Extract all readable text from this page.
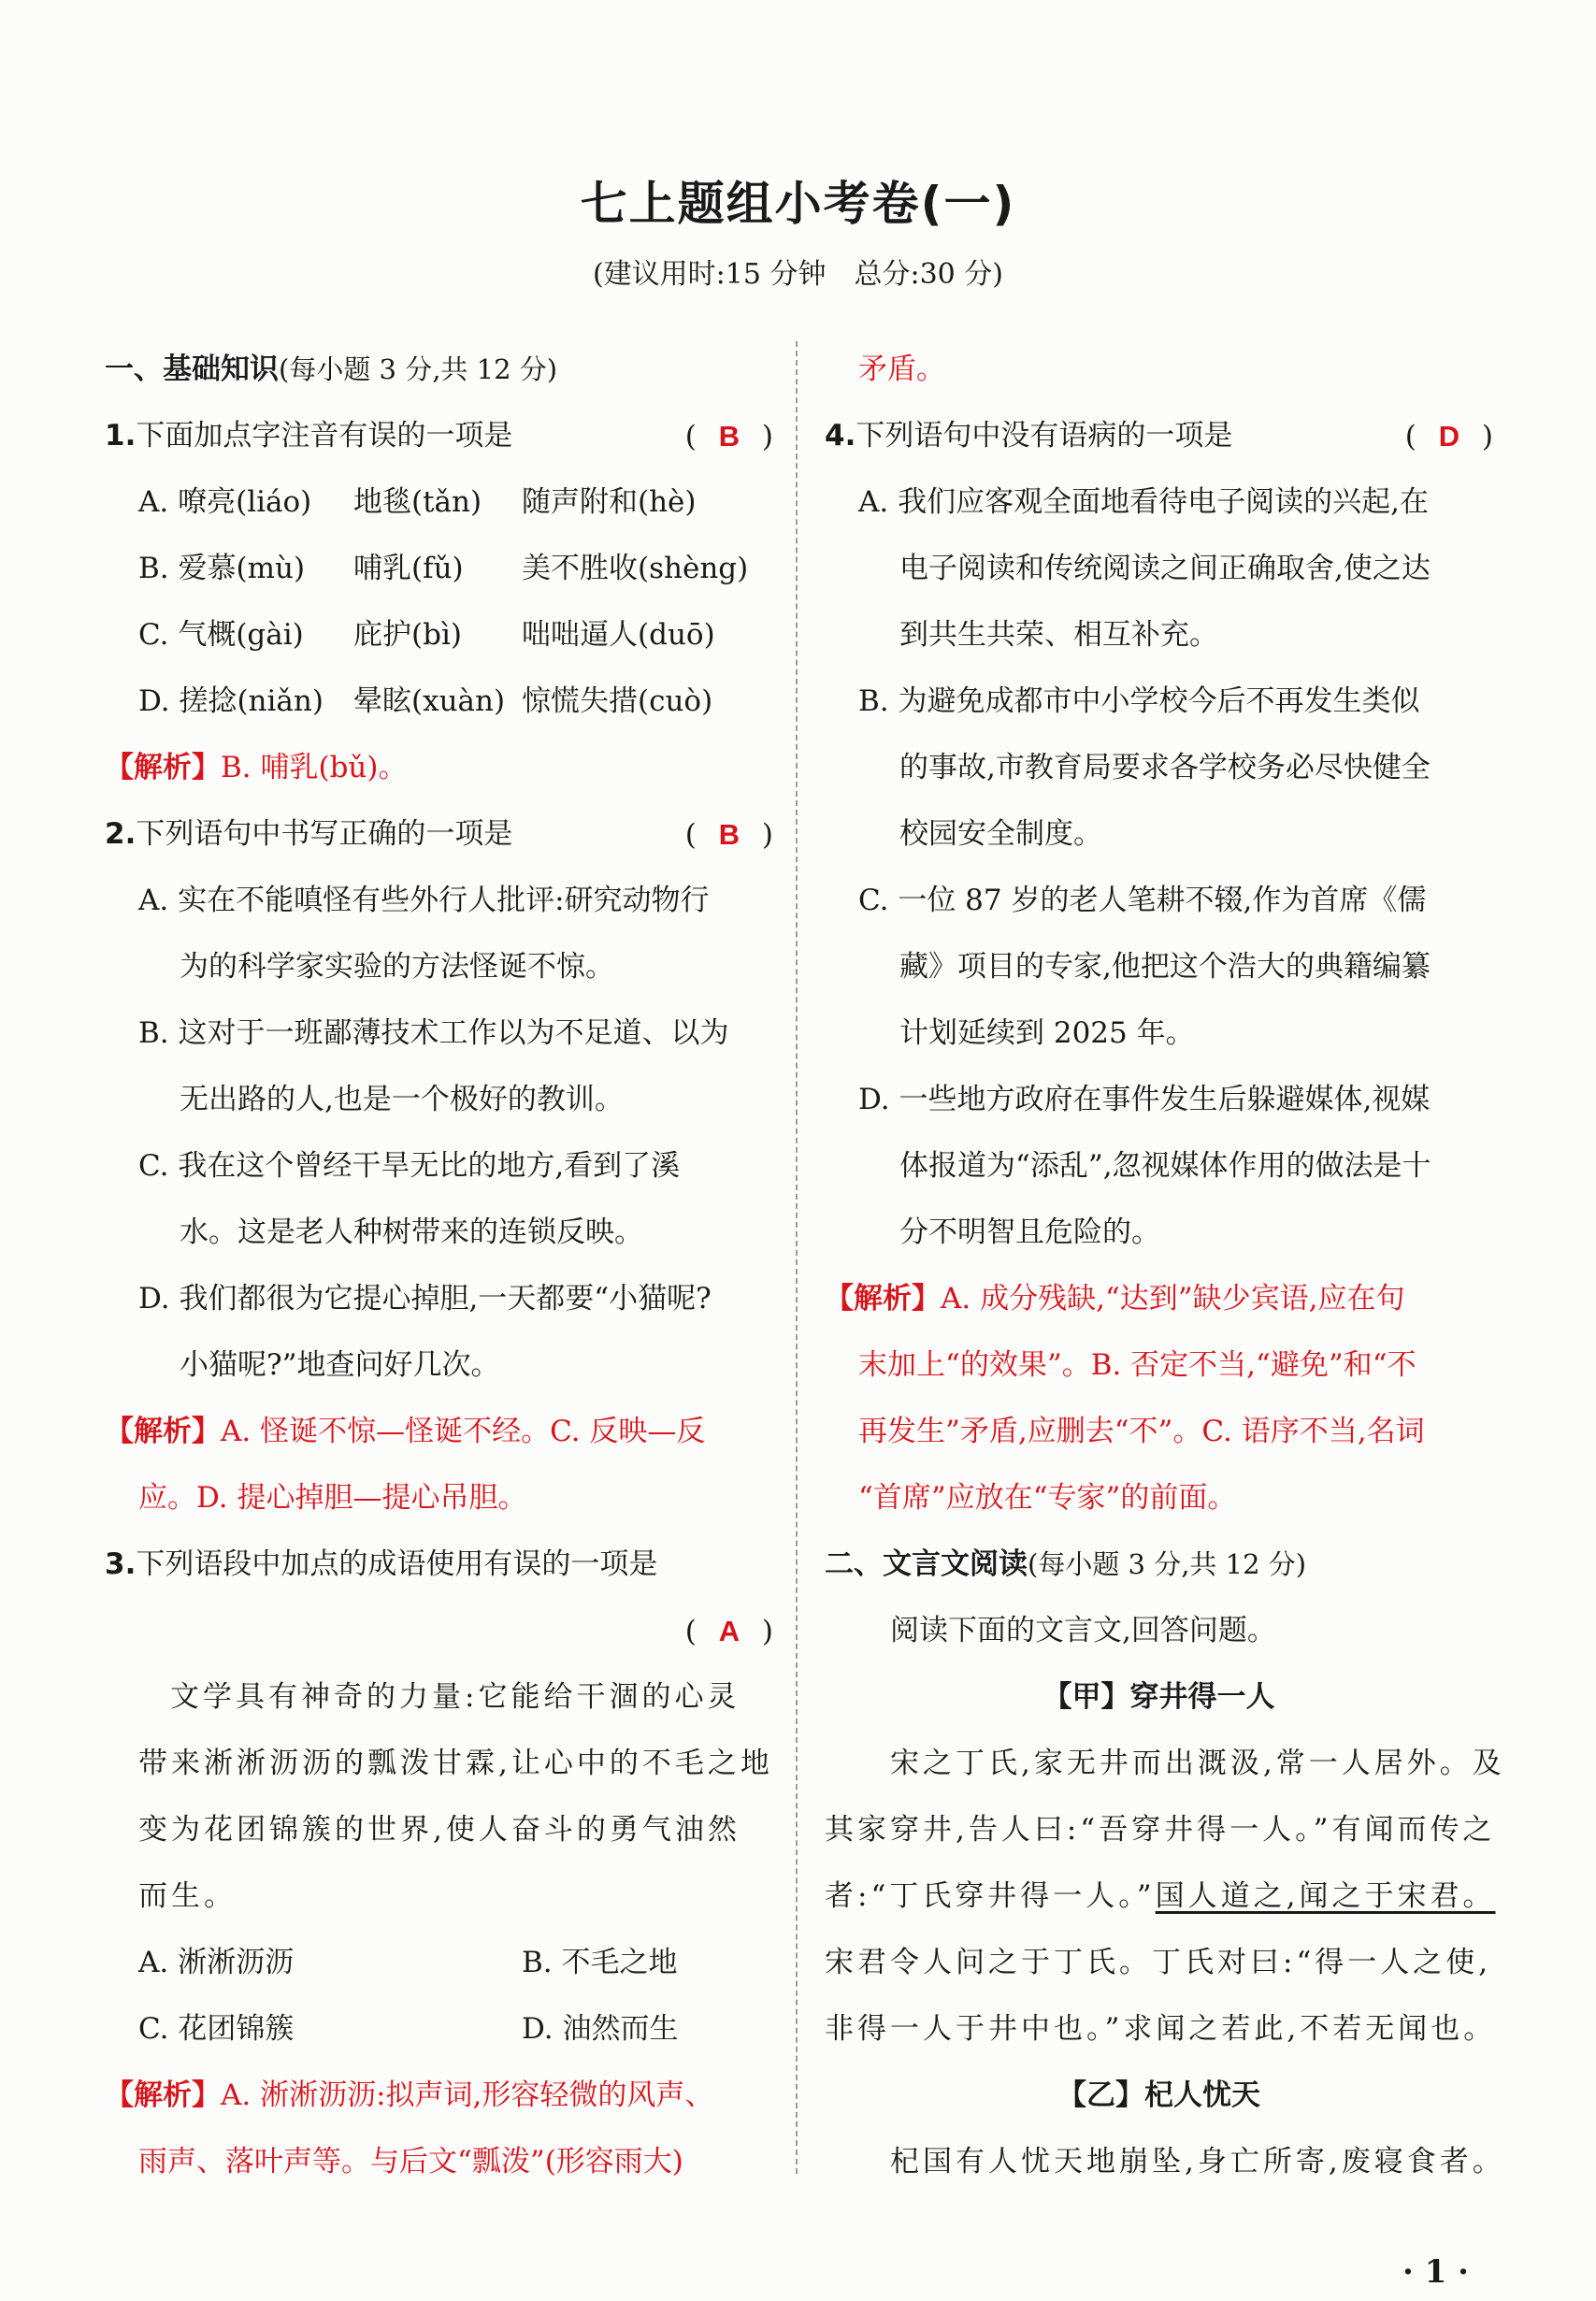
七上题组小考卷(一)
(建议用时:15 分钟　总分:30 分)
一、基础知识(每小题 3 分,共 12 分)
1.下面加点字注音有误的一项是	( B )
A. 嘹亮(liáo) 地毯(tǎn) 随声附和(hè)
B. 爱慕(mù) 哺乳(fǔ) 美不胜收(shèng)
C. 气概(gài) 庇护(bì) 咄咄逼人(duō)
D. 搓捻(niǎn) 晕眩(xuàn) 惊慌失措(cuò)
【解析】B. 哺乳(bǔ)。
2.下列语句中书写正确的一项是	( B )
A. 实在不能嗔怪有些外行人批评:研究动物行
为的科学家实验的方法怪诞不惊。
B. 这对于一班鄙薄技术工作以为不足道、以为
无出路的人,也是一个极好的教训。
C. 我在这个曾经干旱无比的地方,看到了溪
水。这是老人种树带来的连锁反映。
D. 我们都很为它提心掉胆,一天都要“小猫呢?
小猫呢?”地查问好几次。
【解析】A. 怪诞不惊—怪诞不经。C. 反映—反
应。D. 提心掉胆—提心吊胆。
3.下列语段中加点的成语使用有误的一项是
( A )
文学具有神奇的力量:它能给干涸的心灵
带来淅淅沥沥的瓢泼甘霖,让心中的不毛之地
变为花团锦簇的世界,使人奋斗的勇气油然
而生。
A. 淅淅沥沥	B. 不毛之地
C. 花团锦簇	D. 油然而生
【解析】A. 淅淅沥沥:拟声词,形容轻微的风声、
雨声、落叶声等。与后文“瓢泼”(形容雨大)
矛盾。
4.下列语句中没有语病的一项是	( D )
A. 我们应客观全面地看待电子阅读的兴起,在
电子阅读和传统阅读之间正确取舍,使之达
到共生共荣、相互补充。
B. 为避免成都市中小学校今后不再发生类似
的事故,市教育局要求各学校务必尽快健全
校园安全制度。
C. 一位 87 岁的老人笔耕不辍,作为首席《儒
藏》项目的专家,他把这个浩大的典籍编纂
计划延续到 2025 年。
D. 一些地方政府在事件发生后躲避媒体,视媒
体报道为“添乱”,忽视媒体作用的做法是十
分不明智且危险的。
【解析】A. 成分残缺,“达到”缺少宾语,应在句
末加上“的效果”。B. 否定不当,“避免”和“不
再发生”矛盾,应删去“不”。C. 语序不当,名词
“首席”应放在“专家”的前面。
二、文言文阅读(每小题 3 分,共 12 分)
阅读下面的文言文,回答问题。
【甲】穿井得一人
宋之丁氏,家无井而出溉汲,常一人居外。及
其家穿井,告人曰:“吾穿井得一人。”有闻而传之
者:“丁氏穿井得一人。”国人道之,闻之于宋君。
宋君令人问之于丁氏。丁氏对曰:“得一人之使,
非得一人于井中也。”求闻之若此,不若无闻也。
【乙】杞人忧天
杞国有人忧天地崩坠,身亡所寄,废寝食者。
· 1 ·
